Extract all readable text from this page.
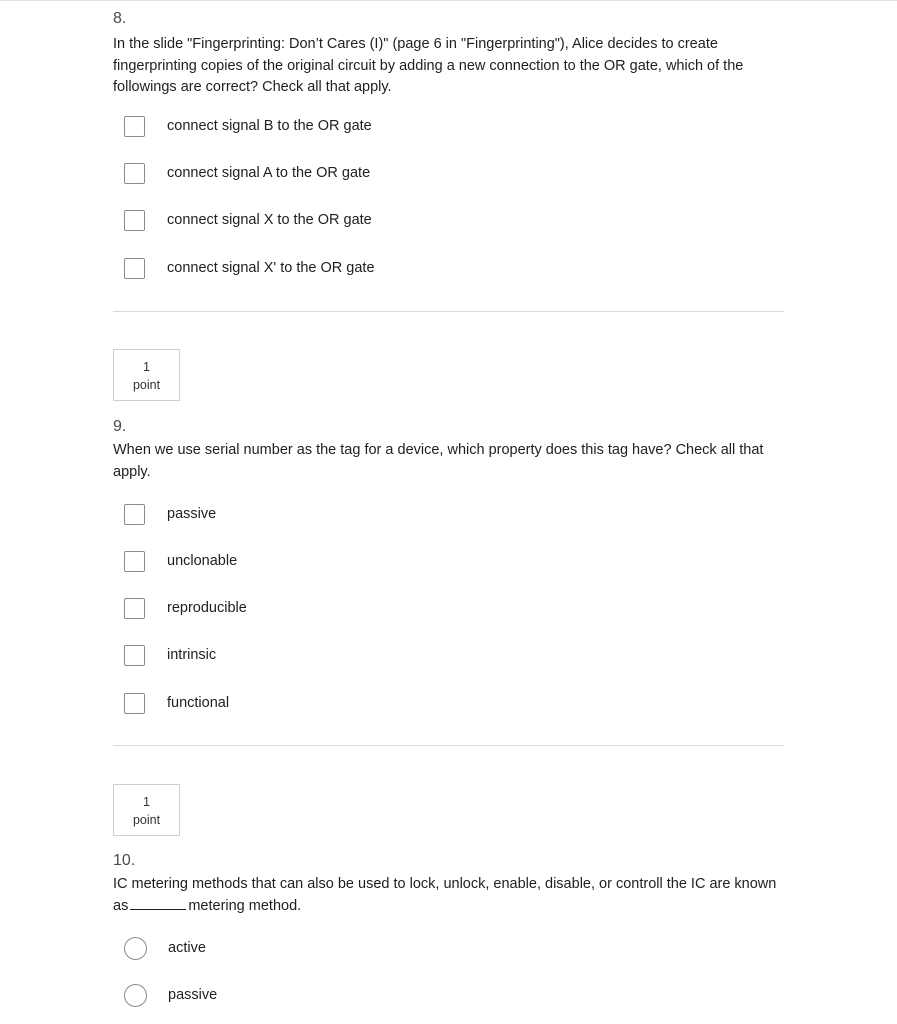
8.

In the slide "Fingerprinting: Don’t Cares (I)" (page 6 in "Fingerprinting"), Alice decides to create fingerprinting copies of the original circuit by adding a new connection to the OR gate, which of the followings are correct? Check all that apply.

connect signal B to the OR gate
connect signal A to the OR gate
connect signal X to the OR gate
connect signal X' to the OR gate
1
point

9.

When we use serial number as the tag for a device, which property does this tag have? Check all that apply.

passive
unclonable
reproducible
intrinsic
functional
1
point

10.

IC metering methods that can also be used to lock, unlock, enable, disable, or controll the IC are known as	metering method.

active
passive
